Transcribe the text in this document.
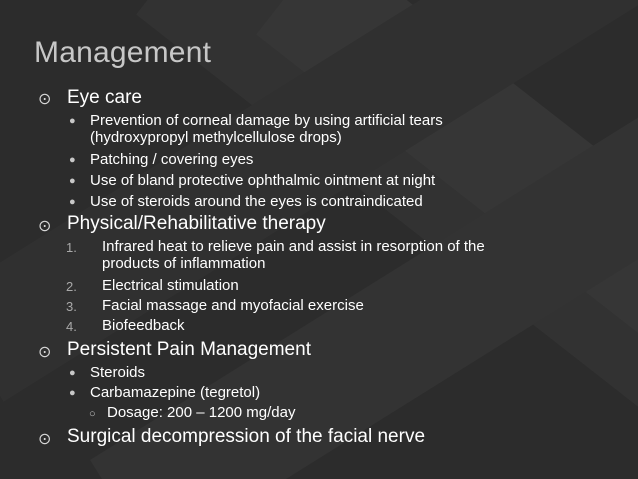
Management
⊙ Eye care
● Prevention of corneal damage by using artificial tears
(hydroxypropyl methylcellulose drops)
● Patching / covering eyes
● Use of bland protective ophthalmic ointment at night
● Use of steroids around the eyes is contraindicated
⊙ Physical/Rehabilitative therapy
1. Infrared heat to relieve pain and assist in resorption of the
products of inflammation
2. Electrical stimulation
3. Facial massage and myofacial exercise
4. Biofeedback
⊙ Persistent Pain Management
● Steroids
● Carbamazepine (tegretol)
○ Dosage: 200 – 1200 mg/day
⊙ Surgical decompression of the facial nerve
